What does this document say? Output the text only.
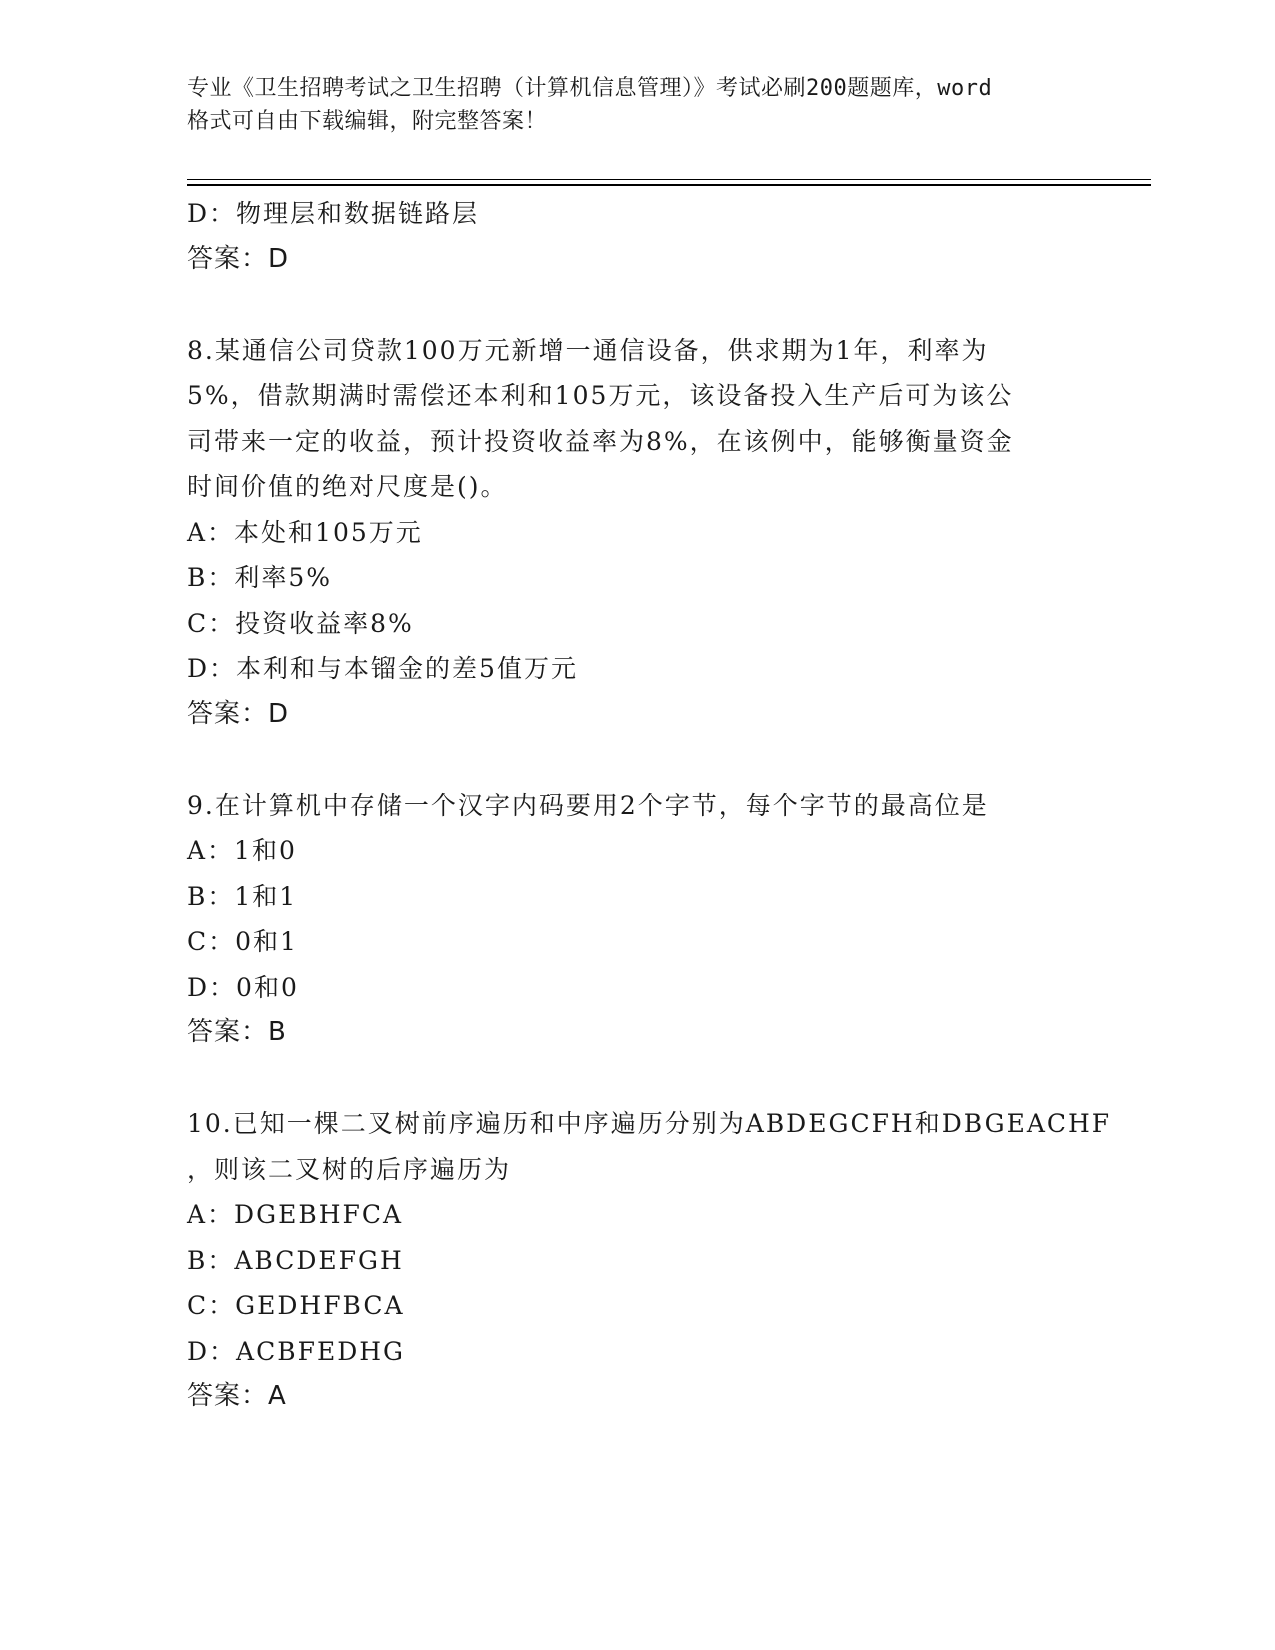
专业《卫生招聘考试之卫生招聘（计算机信息管理）》考试必刷200题题库，word
格式可自由下载编辑，附完整答案！
D：物理层和数据链路层
答案：D
8.某通信公司贷款100万元新增一通信设备，供求期为1年，利率为
5%，借款期满时需偿还本利和105万元，该设备投入生产后可为该公
司带来一定的收益，预计投资收益率为8%，在该例中，能够衡量资金
时间价值的绝对尺度是()。
A：本处和105万元
B：利率5%
C：投资收益率8%
D：本利和与本镏金的差5值万元
答案：D
9.在计算机中存储一个汉字内码要用2个字节，每个字节的最高位是
A：1和0
B：1和1
C：0和1
D：0和0
答案：B
10.已知一棵二叉树前序遍历和中序遍历分别为ABDEGCFH和DBGEACHF
，则该二叉树的后序遍历为
A：DGEBHFCA
B：ABCDEFGH
C：GEDHFBCA
D：ACBFEDHG
答案：A
